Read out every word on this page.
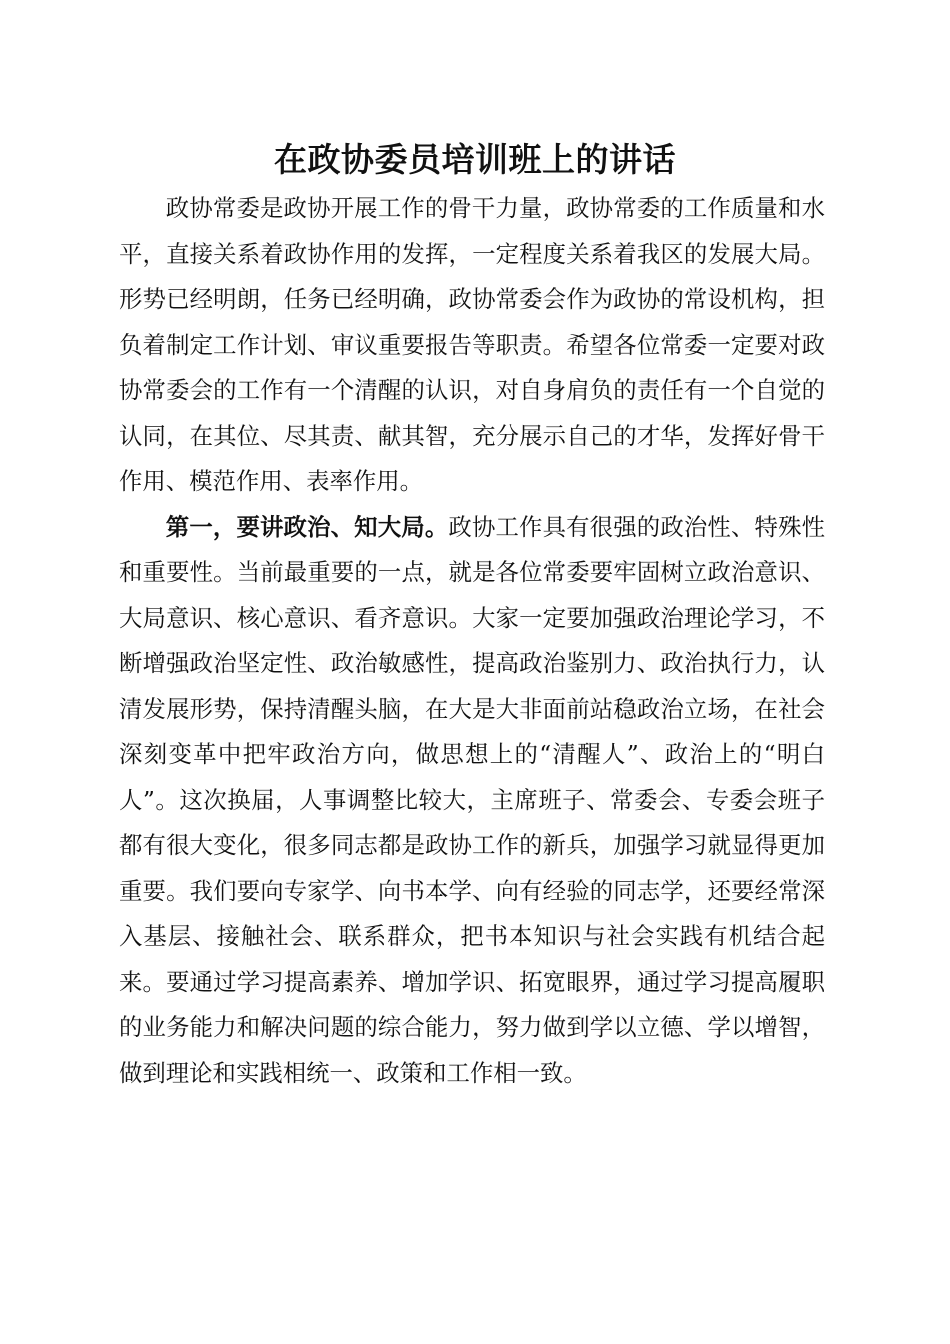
在政协委员培训班上的讲话

政协常委是政协开展工作的骨干力量，政协常委的工作质量和水平，直接关系着政协作用的发挥，一定程度关系着我区的发展大局。形势已经明朗，任务已经明确，政协常委会作为政协的常设机构，担负着制定工作计划、审议重要报告等职责。希望各位常委一定要对政协常委会的工作有一个清醒的认识，对自身肩负的责任有一个自觉的认同，在其位、尽其责、献其智，充分展示自己的才华，发挥好骨干作用、模范作用、表率作用。

第一，要讲政治、知大局。政协工作具有很强的政治性、特殊性和重要性。当前最重要的一点，就是各位常委要牢固树立政治意识、大局意识、核心意识、看齐意识。大家一定要加强政治理论学习，不断增强政治坚定性、政治敏感性，提高政治鉴别力、政治执行力，认清发展形势，保持清醒头脑，在大是大非面前站稳政治立场，在社会深刻变革中把牢政治方向，做思想上的“清醒人”、政治上的“明白人”。这次换届，人事调整比较大，主席班子、常委会、专委会班子都有很大变化，很多同志都是政协工作的新兵，加强学习就显得更加重要。我们要向专家学、向书本学、向有经验的同志学，还要经常深入基层、接触社会、联系群众，把书本知识与社会实践有机结合起来。要通过学习提高素养、增加学识、拓宽眼界，通过学习提高履职的业务能力和解决问题的综合能力，努力做到学以立德、学以增智，做到理论和实践相统一、政策和工作相一致。
